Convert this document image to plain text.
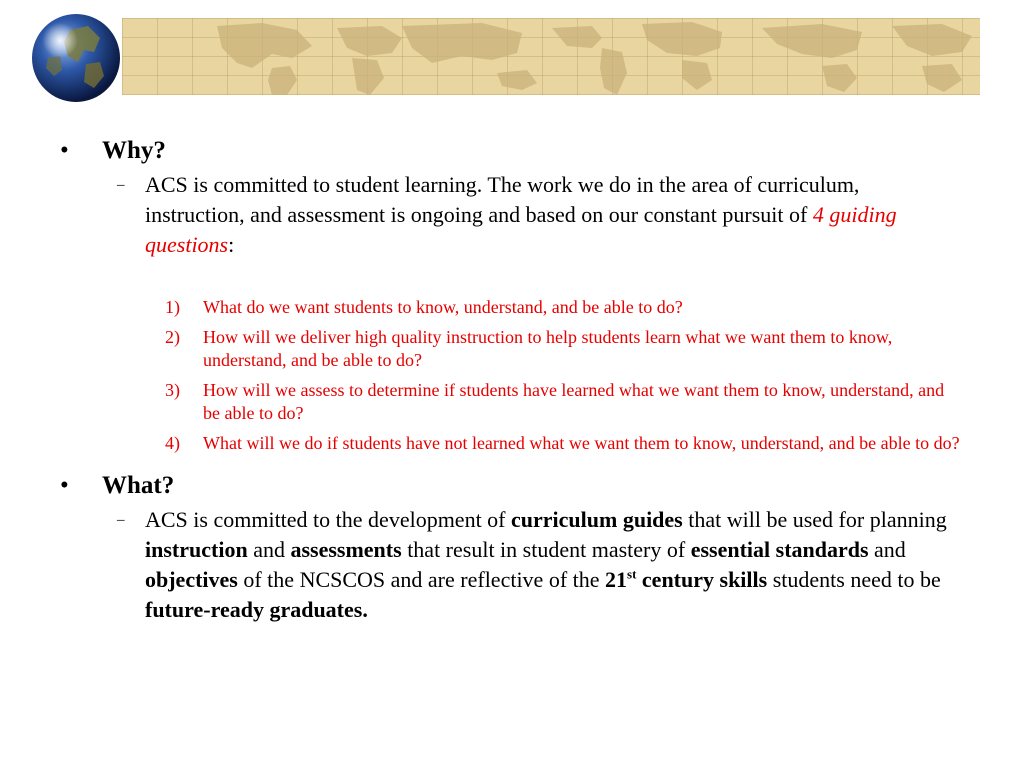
• Why?
– ACS is committed to student learning. The work we do in the area of curriculum, instruction, and assessment is ongoing and based on our constant pursuit of 4 guiding questions:
1) What do we want students to know, understand, and be able to do?
2) How will we deliver high quality instruction to help students learn what we want them to know, understand, and be able to do?
3) How will we assess to determine if students have learned what we want them to know, understand, and be able to do?
4) What will we do if students have not learned what we want them to know, understand, and be able to do?
• What?
– ACS is committed to the development of curriculum guides that will be used for planning instruction and assessments that result in student mastery of essential standards and objectives of the NCSCOS and are reflective of the 21st century skills students need to be future-ready graduates.
